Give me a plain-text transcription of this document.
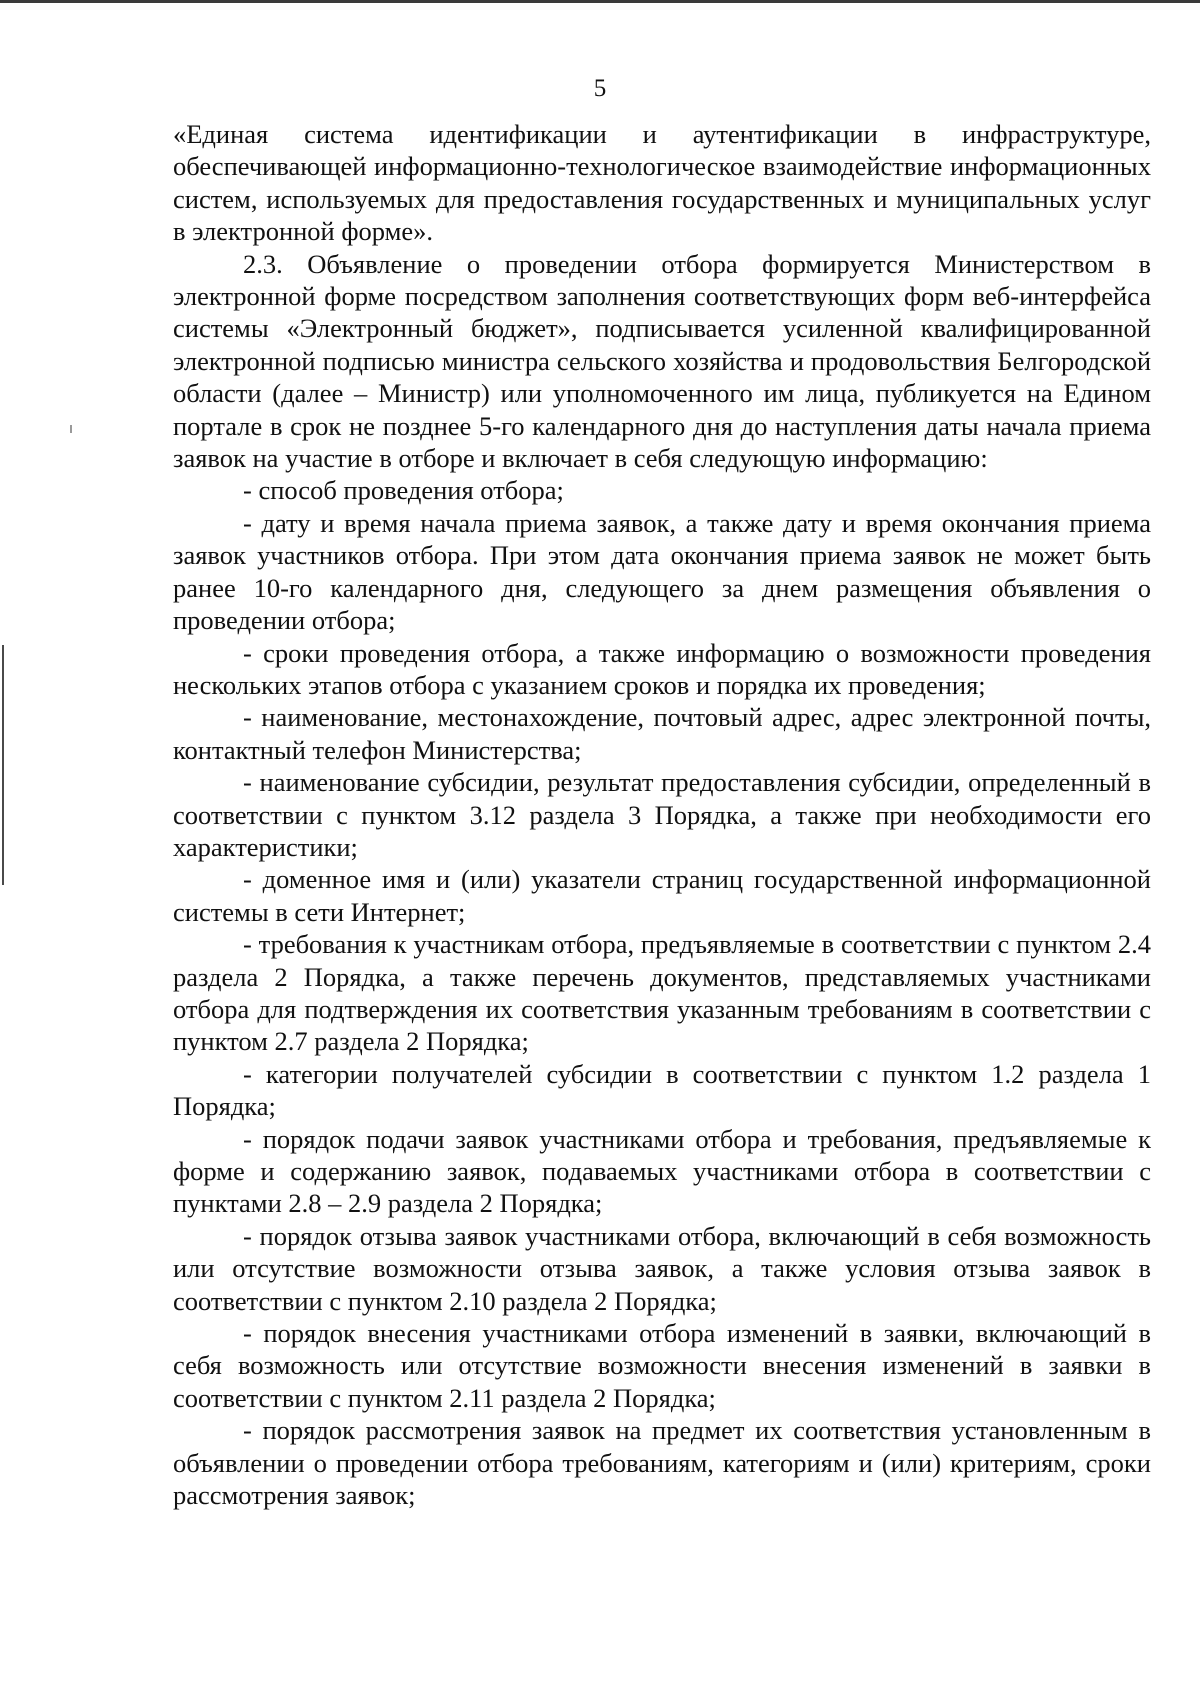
5

«Единая система идентификации и аутентификации в инфраструктуре, обеспечивающей информационно-технологическое взаимодействие информационных систем, используемых для предоставления государственных и муниципальных услуг в электронной форме».

2.3. Объявление о проведении отбора формируется Министерством в электронной форме посредством заполнения соответствующих форм веб-интерфейса системы «Электронный бюджет», подписывается усиленной квалифицированной электронной подписью министра сельского хозяйства и продовольствия Белгородской области (далее – Министр) или уполномоченного им лица, публикуется на Едином портале в срок не позднее 5-го календарного дня до наступления даты начала приема заявок на участие в отборе и включает в себя следующую информацию:

- способ проведения отбора;

- дату и время начала приема заявок, а также дату и время окончания приема заявок участников отбора. При этом дата окончания приема заявок не может быть ранее 10-го календарного дня, следующего за днем размещения объявления о проведении отбора;

- сроки проведения отбора, а также информацию о возможности проведения нескольких этапов отбора с указанием сроков и порядка их проведения;

- наименование, местонахождение, почтовый адрес, адрес электронной почты, контактный телефон Министерства;

- наименование субсидии, результат предоставления субсидии, определенный в соответствии с пунктом 3.12 раздела 3 Порядка, а также при необходимости его характеристики;

- доменное имя и (или) указатели страниц государственной информационной системы в сети Интернет;

- требования к участникам отбора, предъявляемые в соответствии с пунктом 2.4 раздела 2 Порядка, а также перечень документов, представляемых участниками отбора для подтверждения их соответствия указанным требованиям в соответствии с пунктом 2.7 раздела 2 Порядка;

- категории получателей субсидии в соответствии с пунктом 1.2 раздела 1 Порядка;

- порядок подачи заявок участниками отбора и требования, предъявляемые к форме и содержанию заявок, подаваемых участниками отбора в соответствии с пунктами 2.8 – 2.9 раздела 2 Порядка;

- порядок отзыва заявок участниками отбора, включающий в себя возможность или отсутствие возможности отзыва заявок, а также условия отзыва заявок в соответствии с пунктом 2.10 раздела 2 Порядка;

- порядок внесения участниками отбора изменений в заявки, включающий в себя возможность или отсутствие возможности внесения изменений в заявки в соответствии с пунктом 2.11 раздела 2 Порядка;

- порядок рассмотрения заявок на предмет их соответствия установленным в объявлении о проведении отбора требованиям, категориям и (или) критериям, сроки рассмотрения заявок;
